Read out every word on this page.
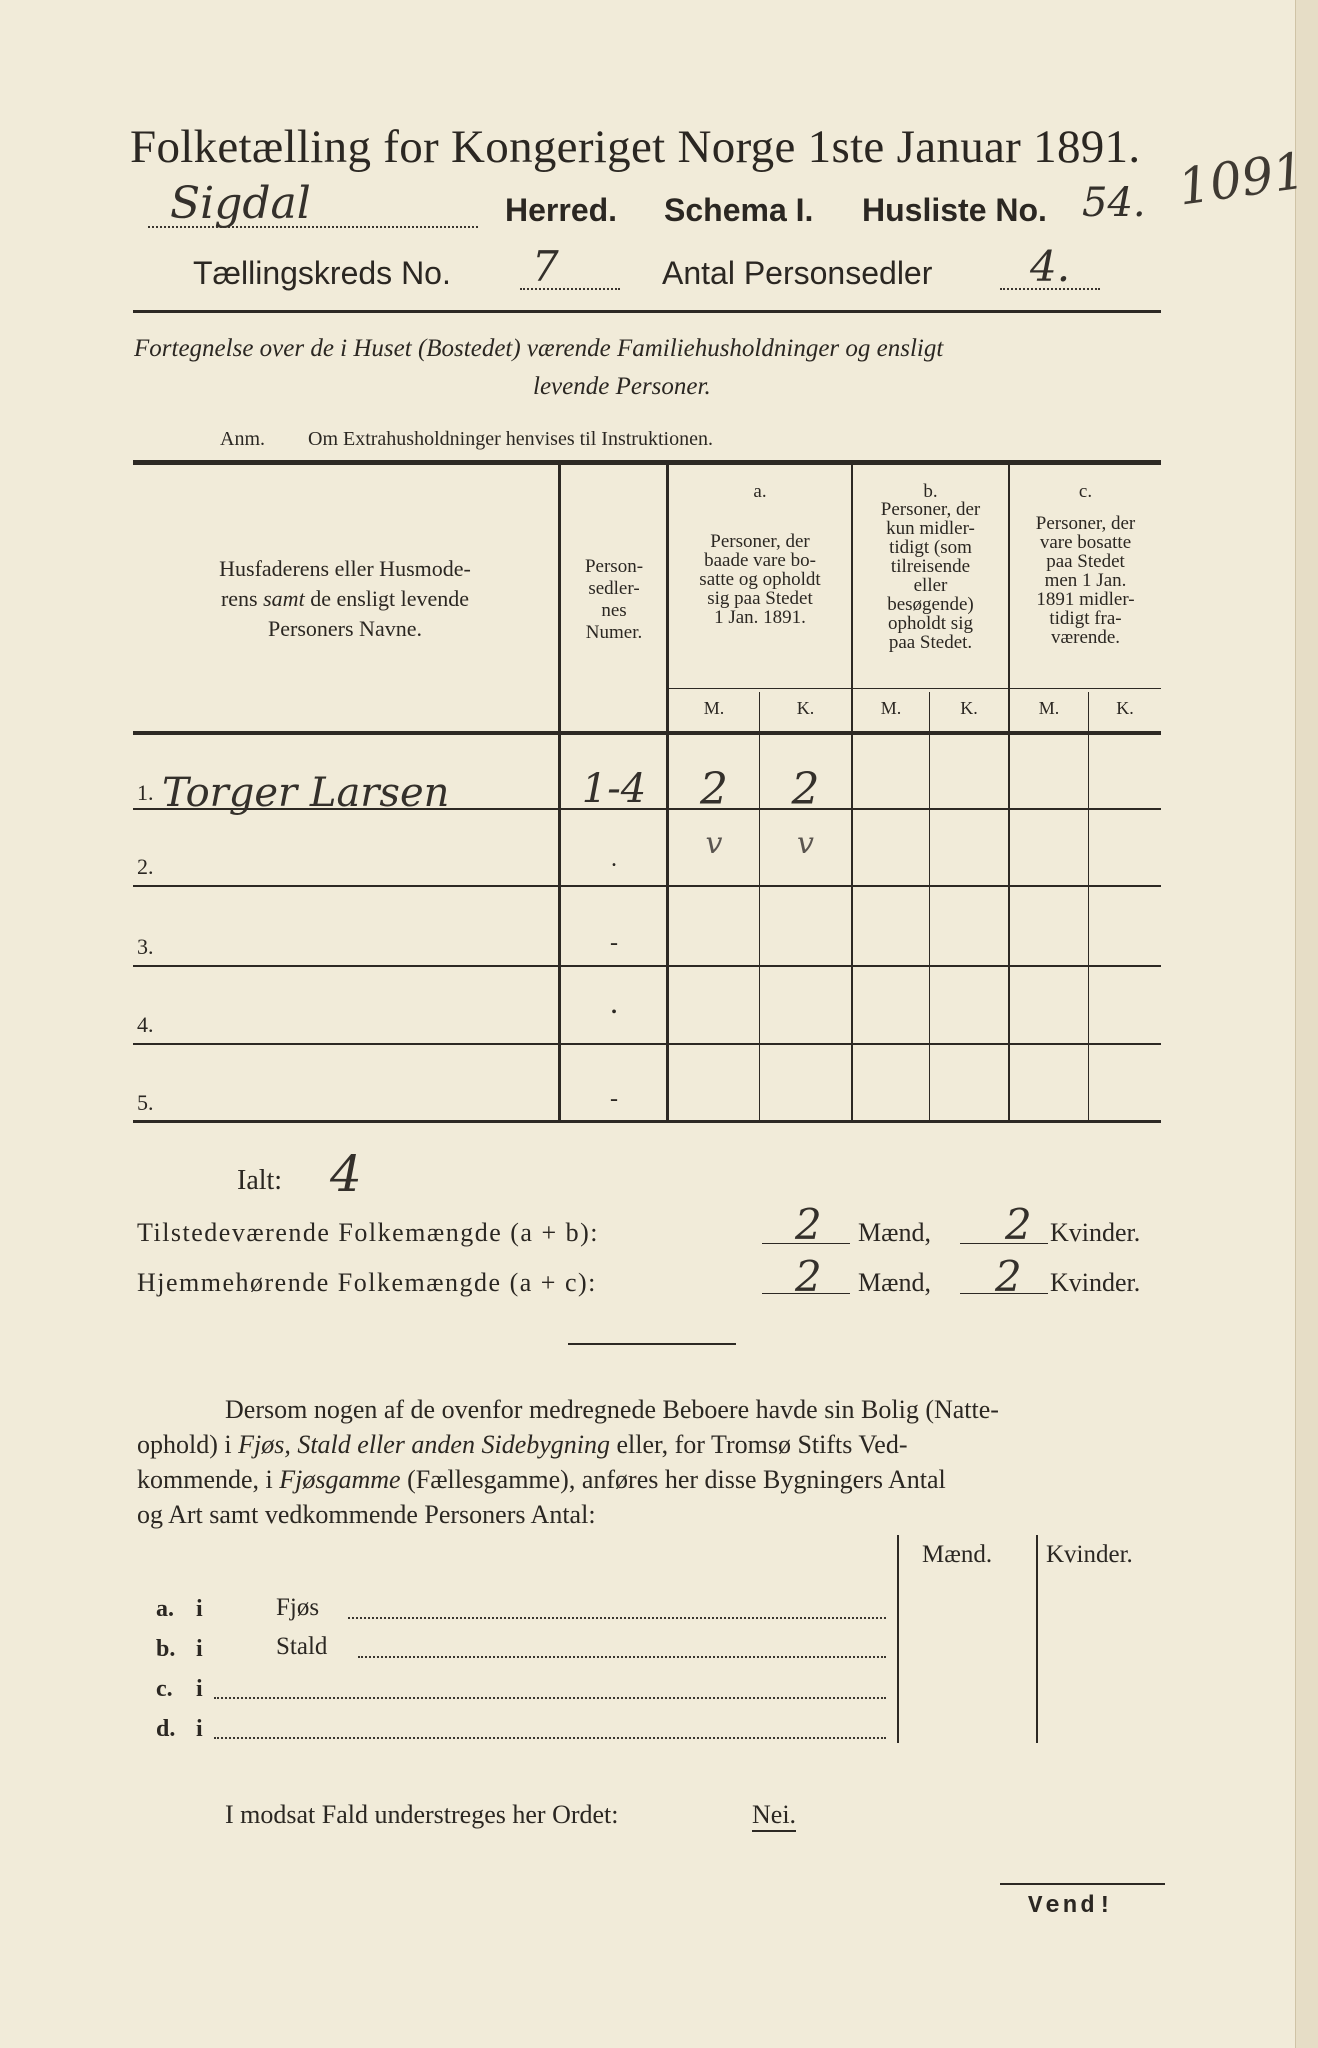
Folketælling for Kongeriget Norge 1ste Januar 1891. 1091
Sigdal	Herred. Schema I. Husliste No. 54.
Tællingskreds No. 7	Antal Personsedler 4.
Fortegnelse over de i Huset (Bostedet) værende Familiehusholdninger og ensligt
levende Personer.
Anm. Om Extrahusholdninger henvises til Instruktionen.
Husfaderens eller Husmode-
rens samt de ensligt levende
Personers Navne.
Person-
sedler-
nes
Numer.
a.
Personer, der
baade vare bo-
satte og opholdt
sig paa Stedet
1 Jan. 1891.
b.
Personer, der
kun midler-
tidigt (som
tilreisende
eller
besøgende)
opholdt sig
paa Stedet.
c.
Personer, der
vare bosatte
paa Stedet
men 1 Jan.
1891 midler-
tidigt fra-
værende.
M.	K.	M.	K.	M.	K.
1. Torger Larsen	1-4	2	2
2.	.	v	v
3.	-
4.	•
5.	-
Ialt: 4
Tilstedeværende Folkemængde (a + b):	2 Mænd, 2 Kvinder.
Hjemmehørende Folkemængde (a + c):	2 Mænd, 2 Kvinder.
Dersom nogen af de ovenfor medregnede Beboere havde sin Bolig (Natte-
ophold) i Fjøs, Stald eller anden Sidebygning eller, for Tromsø Stifts Ved-
kommende, i Fjøsgamme (Fællesgamme), anføres her disse Bygningers Antal
og Art samt vedkommende Personers Antal:
Mænd. Kvinder.
a. i	Fjøs
b. i	Stald
c. i
d. i
I modsat Fald understreges her Ordet:	Nei.
Vend!
